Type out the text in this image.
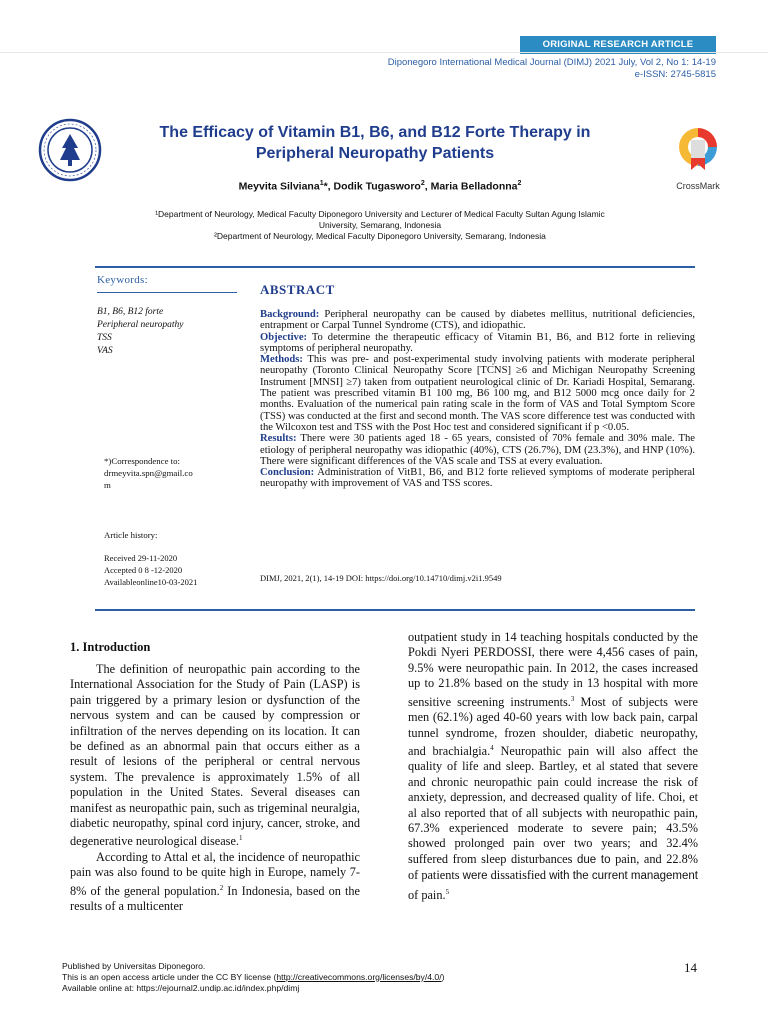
ORIGINAL RESEARCH ARTICLE
Diponegoro International Medical Journal (DIMJ) 2021 July, Vol 2, No 1: 14-19
e-ISSN: 2745-5815
The Efficacy of Vitamin B1, B6, and B12 Forte Therapy in
Peripheral Neuropathy Patients
CrossMark
Meyvita Silviana$^1$*, Dodik Tugasworo$^2$, Maria Belladonna$^2$
¹Department of Neurology, Medical Faculty Diponegoro University and Lecturer of Medical Faculty Sultan Agung Islamic
University, Semarang, Indonesia
²Department of Neurology, Medical Faculty Diponegoro University, Semarang, Indonesia
Keywords:
B1, B6, B12 forte
Peripheral neuropathy
TSS
VAS
*)Correspondence to:
drmeyvita.spn@gmail.co
m
Article history:
Received 29-11-2020
Accepted 0 8 -12-2020
Availableonline10-03-2021
ABSTRACT

Background: Peripheral neuropathy can be caused by diabetes mellitus, nutritional deficiencies, entrapment or Carpal Tunnel Syndrome (CTS), and idiopathic.

Objective: To determine the therapeutic efficacy of Vitamin B1, B6, and B12 forte in relieving symptoms of peripheral neuropathy.

Methods: This was pre- and post-experimental study involving patients with moderate peripheral neuropathy (Toronto Clinical Neuropathy Score [TCNS] ≥6 and Michigan Neuropathy Screening Instrument [MNSI] ≥7) taken from outpatient neurological clinic of Dr. Kariadi Hospital, Semarang. The patient was prescribed vitamin B1 100 mg, B6 100 mg, and B12 5000 mcg once daily for 2 months. Evaluation of the numerical pain rating scale in the form of VAS and Total Symptom Score (TSS) was conducted at the first and second month. The VAS score difference test was conducted with the Wilcoxon test and TSS with the Post Hoc test and considered significant if p <0.05.

Results: There were 30 patients aged 18 - 65 years, consisted of 70% female and 30% male. The etiology of peripheral neuropathy was idiopathic (40%), CTS (26.7%), DM (23.3%), and HNP (10%). There were significant differences of the VAS scale and TSS at every evaluation.

Conclusion: Administration of VitB1, B6, and B12 forte relieved symptoms of moderate peripheral neuropathy with improvement of VAS and TSS scores.

DIMJ, 2021, 2(1), 14-19 DOI: https://doi.org/10.14710/dimj.v2i1.9549
1. Introduction

The definition of neuropathic pain according to the International Association for the Study of Pain (LASP) is pain triggered by a primary lesion or dysfunction of the nervous system and can be caused by compression or infiltration of the nerves depending on its location. It can be defined as an abnormal pain that occurs either as a result of lesions of the peripheral or central nervous system. The prevalence is approximately 1.5% of all population in the United States. Several diseases can manifest as neuropathic pain, such as trigeminal neuralgia, diabetic neuropathy, spinal cord injury, cancer, stroke, and degenerative neurological disease.$^1$

According to Attal et al, the incidence of neuropathic pain was also found to be quite high in Europe, namely 7-8% of the general population.$^2$ In Indonesia, based on the results of a multicenter

outpatient study in 14 teaching hospitals conducted by the Pokdi Nyeri PERDOSSI, there were 4,456 cases of pain, 9.5% were neuropathic pain. In 2012, the cases increased up to 21.8% based on the study in 13 hospital with more sensitive screening instruments.$^3$ Most of subjects were men (62.1%) aged 40-60 years with low back pain, carpal tunnel syndrome, frozen shoulder, diabetic neuropathy, and brachialgia.$^4$ Neuropathic pain will also affect the quality of life and sleep. Bartley, et al stated that severe and chronic neuropathic pain could increase the risk of anxiety, depression, and decreased quality of life. Choi, et al also reported that of all subjects with neuropathic pain, 67.3% experienced moderate to severe pain; 43.5% showed prolonged pain over two years; and 32.4% suffered from sleep disturbances due to pain, and 22.8% of patients were dissatisfied with the current management of pain.$^5$
Published by Universitas Diponegoro.
This is an open access article under the CC BY license (http://creativecommons.org/licenses/by/4.0/)
Available online at: https://ejournal2.undip.ac.id/index.php/dimj
14
